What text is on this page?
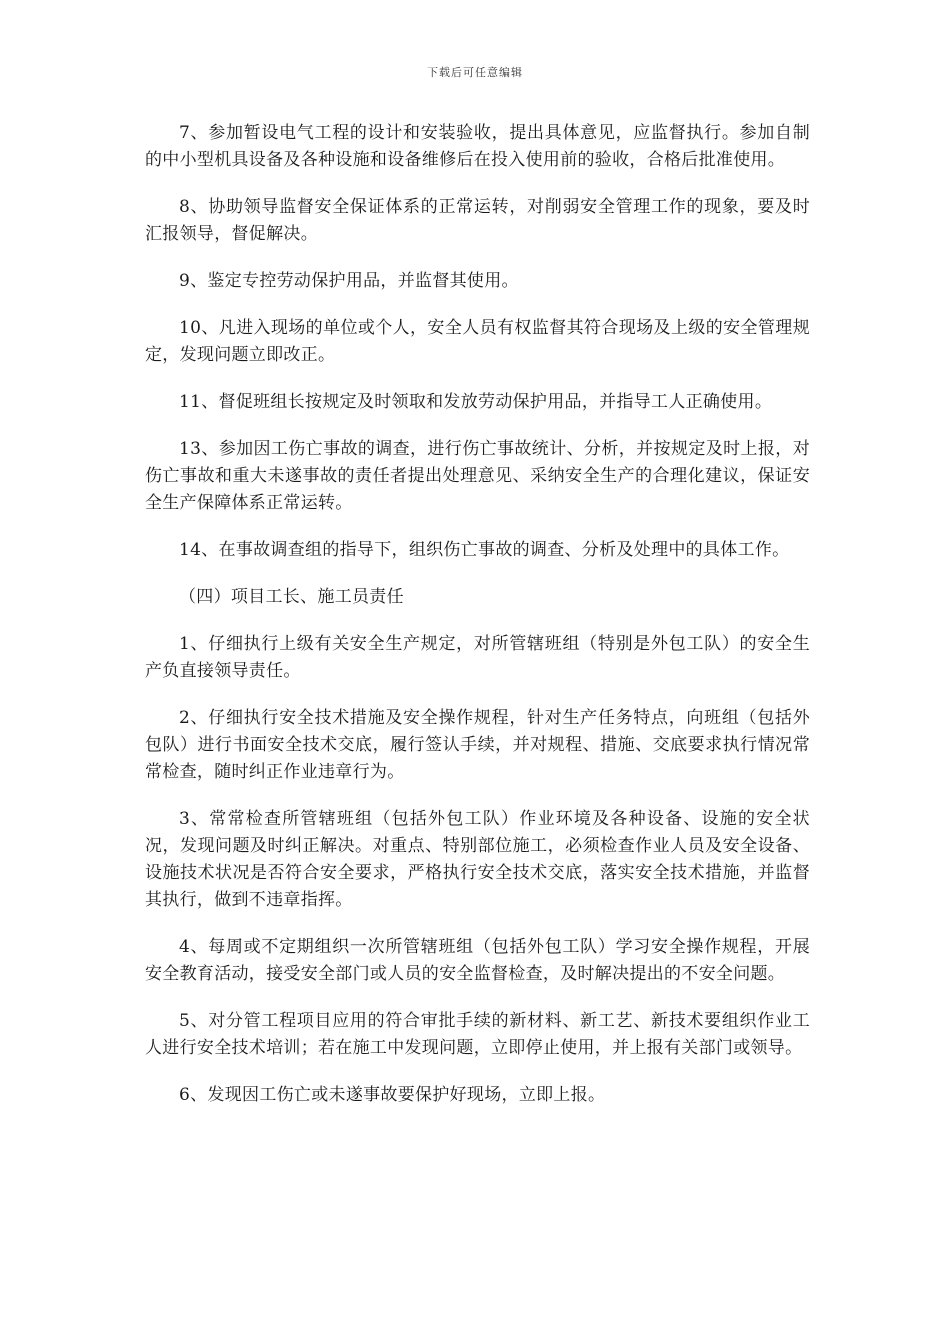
下载后可任意编辑

7、参加暂设电气工程的设计和安装验收，提出具体意见，应监督执行。参加自制的中小型机具设备及各种设施和设备维修后在投入使用前的验收，合格后批准使用。

8、协助领导监督安全保证体系的正常运转，对削弱安全管理工作的现象，要及时汇报领导，督促解决。

9、鉴定专控劳动保护用品，并监督其使用。

10、凡进入现场的单位或个人，安全人员有权监督其符合现场及上级的安全管理规定，发现问题立即改正。

11、督促班组长按规定及时领取和发放劳动保护用品，并指导工人正确使用。

13、参加因工伤亡事故的调查，进行伤亡事故统计、分析，并按规定及时上报，对伤亡事故和重大未遂事故的责任者提出处理意见、采纳安全生产的合理化建议，保证安全生产保障体系正常运转。

14、在事故调查组的指导下，组织伤亡事故的调查、分析及处理中的具体工作。

（四）项目工长、施工员责任

1、仔细执行上级有关安全生产规定，对所管辖班组（特别是外包工队）的安全生产负直接领导责任。

2、仔细执行安全技术措施及安全操作规程，针对生产任务特点，向班组（包括外包队）进行书面安全技术交底，履行签认手续，并对规程、措施、交底要求执行情况常常检查，随时纠正作业违章行为。

3、常常检查所管辖班组（包括外包工队）作业环境及各种设备、设施的安全状况，发现问题及时纠正解决。对重点、特别部位施工，必须检查作业人员及安全设备、设施技术状况是否符合安全要求，严格执行安全技术交底，落实安全技术措施，并监督其执行，做到不违章指挥。

4、每周或不定期组织一次所管辖班组（包括外包工队）学习安全操作规程，开展安全教育活动，接受安全部门或人员的安全监督检查，及时解决提出的不安全问题。

5、对分管工程项目应用的符合审批手续的新材料、新工艺、新技术要组织作业工人进行安全技术培训；若在施工中发现问题，立即停止使用，并上报有关部门或领导。

6、发现因工伤亡或未遂事故要保护好现场，立即上报。
